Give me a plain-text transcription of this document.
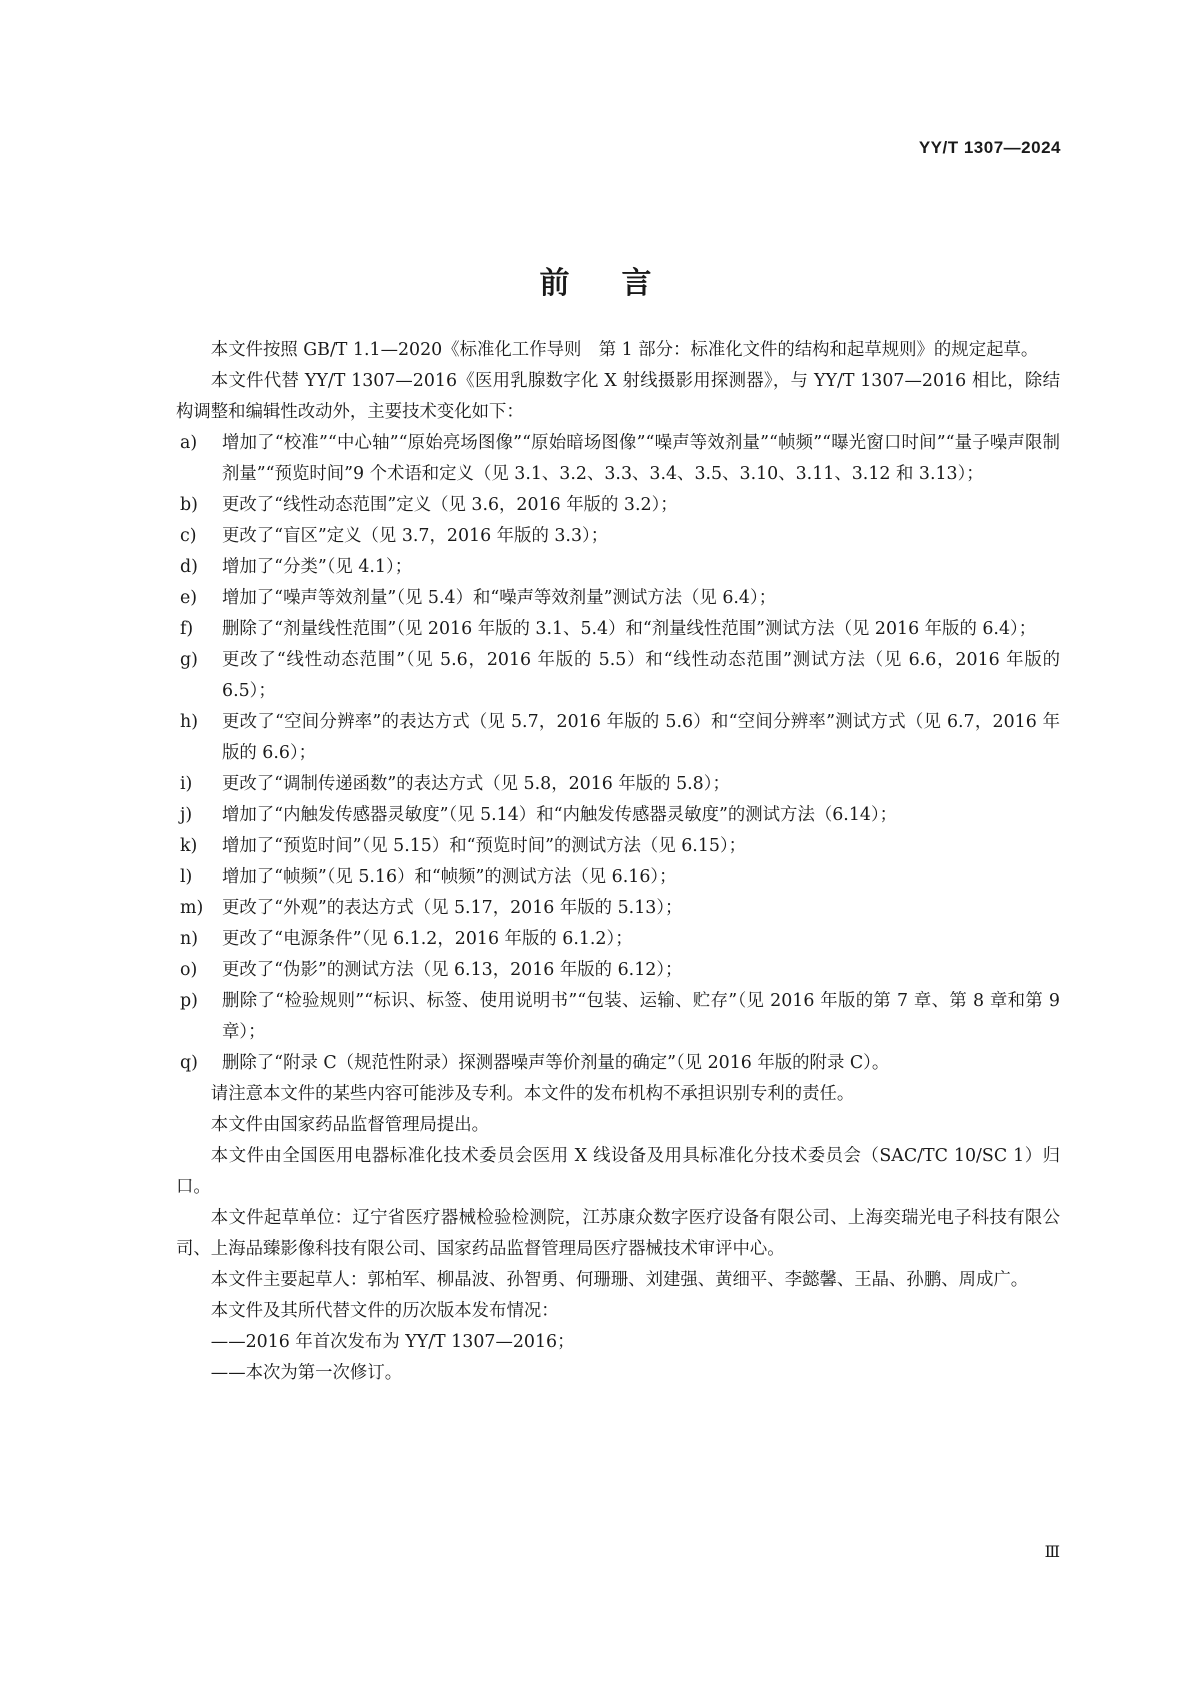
YY/T 1307—2024
前言

本文件按照 GB/T 1.1—2020《标准化工作导则　第 1 部分：标准化文件的结构和起草规则》的规定起草。

本文件代替 YY/T 1307—2016《医用乳腺数字化 X 射线摄影用探测器》，与 YY/T 1307—2016 相比，除结构调整和编辑性改动外，主要技术变化如下：

a) 增加了“校准”“中心轴”“原始亮场图像”“原始暗场图像”“噪声等效剂量”“帧频”“曝光窗口时间”“量子噪声限制剂量”“预览时间”9 个术语和定义（见 3.1、3.2、3.3、3.4、3.5、3.10、3.11、3.12 和 3.13）；
b) 更改了“线性动态范围”定义（见 3.6，2016 年版的 3.2）；
c) 更改了“盲区”定义（见 3.7，2016 年版的 3.3）；
d) 增加了“分类”（见 4.1）；
e) 增加了“噪声等效剂量”（见 5.4）和“噪声等效剂量”测试方法（见 6.4）；
f) 删除了“剂量线性范围”（见 2016 年版的 3.1、5.4）和“剂量线性范围”测试方法（见 2016 年版的 6.4）；
g) 更改了“线性动态范围”（见 5.6，2016 年版的 5.5）和“线性动态范围”测试方法（见 6.6，2016 年版的 6.5）；
h) 更改了“空间分辨率”的表达方式（见 5.7，2016 年版的 5.6）和“空间分辨率”测试方式（见 6.7，2016 年版的 6.6）；
i) 更改了“调制传递函数”的表达方式（见 5.8，2016 年版的 5.8）；
j) 增加了“内触发传感器灵敏度”（见 5.14）和“内触发传感器灵敏度”的测试方法（6.14）；
k) 增加了“预览时间”（见 5.15）和“预览时间”的测试方法（见 6.15）；
l) 增加了“帧频”（见 5.16）和“帧频”的测试方法（见 6.16）；
m) 更改了“外观”的表达方式（见 5.17，2016 年版的 5.13）；
n) 更改了“电源条件”（见 6.1.2，2016 年版的 6.1.2）；
o) 更改了“伪影”的测试方法（见 6.13，2016 年版的 6.12）；
p) 删除了“检验规则”“标识、标签、使用说明书”“包装、运输、贮存”（见 2016 年版的第 7 章、第 8 章和第 9 章）；
q) 删除了“附录 C（规范性附录）探测器噪声等价剂量的确定”（见 2016 年版的附录 C）。

请注意本文件的某些内容可能涉及专利。本文件的发布机构不承担识别专利的责任。

本文件由国家药品监督管理局提出。

本文件由全国医用电器标准化技术委员会医用 X 线设备及用具标准化分技术委员会（SAC/TC 10/SC 1）归口。

本文件起草单位：辽宁省医疗器械检验检测院，江苏康众数字医疗设备有限公司、上海奕瑞光电子科技有限公司、上海品臻影像科技有限公司、国家药品监督管理局医疗器械技术审评中心。

本文件主要起草人：郭柏军、柳晶波、孙智勇、何珊珊、刘建强、黄细平、李懿馨、王晶、孙鹏、周成广。

本文件及其所代替文件的历次版本发布情况：

——2016 年首次发布为 YY/T 1307—2016；

——本次为第一次修订。

Ⅲ
